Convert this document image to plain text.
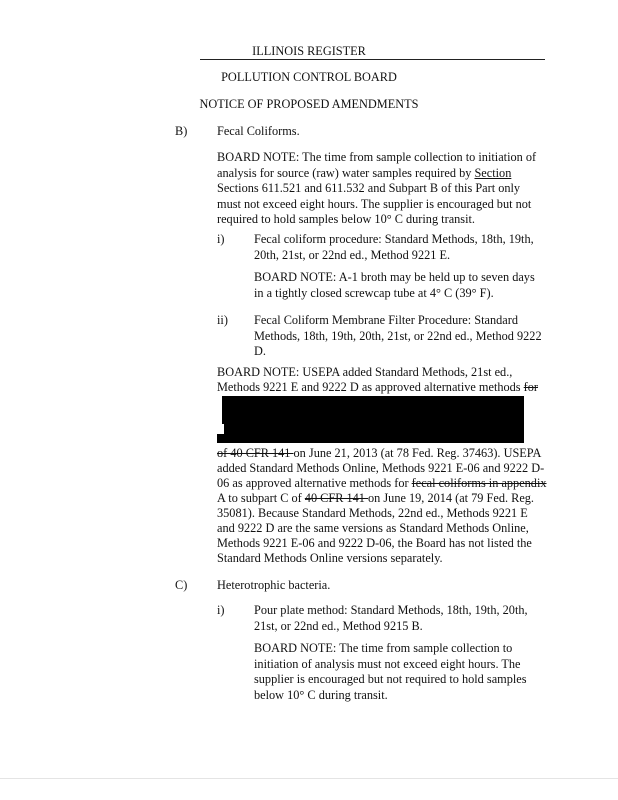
ILLINOIS REGISTER
POLLUTION CONTROL BOARD
NOTICE OF PROPOSED AMENDMENTS
B) Fecal Coliforms.

BOARD NOTE: The time from sample collection to initiation of analysis for source (raw) water samples required by Section Sections 611.521 and 611.532 and Subpart B of this Part only must not exceed eight hours. The supplier is encouraged but not required to hold samples below 10° C during transit.

i) Fecal coliform procedure: Standard Methods, 18th, 19th, 20th, 21st, or 22nd ed., Method 9221 E.

BOARD NOTE: A-1 broth may be held up to seven days in a tightly closed screwcap tube at 4° C (39° F).

ii) Fecal Coliform Membrane Filter Procedure: Standard Methods, 18th, 19th, 20th, 21st, or 22nd ed., Method 9222 D.

BOARD NOTE: USEPA added Standard Methods, 21st ed.,
Methods 9221 E and 9222 D as approved alternative methods for
of 40 CFR 141 on June 21, 2013 (at 78 Fed. Reg. 37463). USEPA
added Standard Methods Online, Methods 9221 E-06 and 9222 D-
06 as approved alternative methods for fecal coliforms in appendix
A to subpart C of 40 CFR 141 on June 19, 2014 (at 79 Fed. Reg.
35081). Because Standard Methods, 22nd ed., Methods 9221 E
and 9222 D are the same versions as Standard Methods Online,
Methods 9221 E-06 and 9222 D-06, the Board has not listed the
Standard Methods Online versions separately.
C) Heterotrophic bacteria.
i) Pour plate method: Standard Methods, 18th, 19th, 20th, 21st, or 22nd ed., Method 9215 B.

BOARD NOTE: The time from sample collection to initiation of analysis must not exceed eight hours. The supplier is encouraged but not required to hold samples below 10° C during transit.
